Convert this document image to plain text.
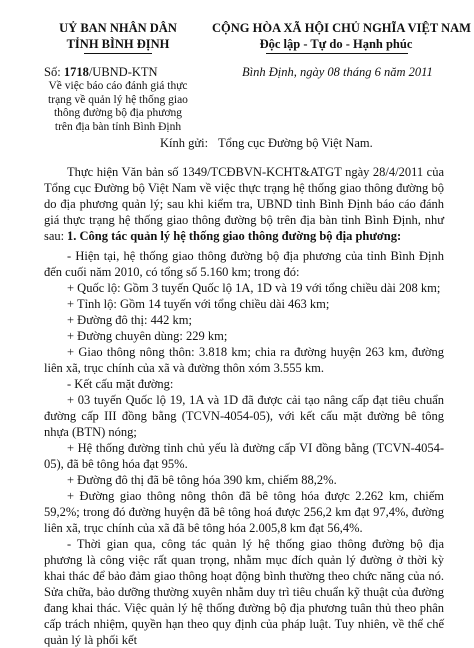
UỶ BAN NHÂN DÂN
TỈNH BÌNH ĐỊNH
CỘNG HÒA XÃ HỘI CHỦ NGHĨA VIỆT NAM
Độc lập - Tự do - Hạnh phúc
Số: 1718/UBND-KTN	Bình Định, ngày 08 tháng 6 năm 2011
Về việc báo cáo đánh giá thực
trạng về quản lý hệ thống giao
thông đường bộ địa phương
trên địa bàn tỉnh Bình Định
Kính gửi: Tổng cục Đường bộ Việt Nam.

Thực hiện Văn bản số 1349/TCĐBVN-KCHT&ATGT ngày 28/4/2011 của Tổng cục Đường bộ Việt Nam về việc thực trạng hệ thống giao thông đường bộ do địa phương quản lý; sau khi kiểm tra, UBND tỉnh Bình Định báo cáo đánh giá thực trạng hệ thống giao thông đường bộ trên địa bàn tỉnh Bình Định, như sau: 1. Công tác quản lý hệ thống giao thông đường bộ địa phương:

- Hiện tại, hệ thống giao thông đường bộ địa phương của tỉnh Bình Định đến cuối năm 2010, có tổng số 5.160 km; trong đó:

+ Quốc lộ: Gồm 3 tuyến Quốc lộ 1A, 1D và 19 với tổng chiều dài 208 km;

+ Tỉnh lộ: Gồm 14 tuyến với tổng chiều dài 463 km;

+ Đường đô thị: 442 km;

+ Đường chuyên dùng: 229 km;

+ Giao thông nông thôn: 3.818 km; chia ra đường huyện 263 km, đường liên xã, trục chính của xã và đường thôn xóm 3.555 km.

- Kết cấu mặt đường:

+ 03 tuyến Quốc lộ 19, 1A và 1D đã được cải tạo nâng cấp đạt tiêu chuẩn đường cấp III đồng bằng (TCVN-4054-05), với kết cấu mặt đường bê tông nhựa (BTN) nóng;

+ Hệ thống đường tỉnh chủ yếu là đường cấp VI đồng bằng (TCVN-4054-05), đã bê tông hóa đạt 95%.

+ Đường đô thị đã bê tông hóa 390 km, chiếm 88,2%.

+ Đường giao thông nông thôn đã bê tông hóa được 2.262 km, chiếm 59,2%; trong đó đường huyện đã bê tông hoá được 256,2 km đạt 97,4%, đường liên xã, trục chính của xã đã bê tông hóa 2.005,8 km đạt 56,4%.

- Thời gian qua, công tác quản lý hệ thống giao thông đường bộ địa phương là công việc rất quan trọng, nhằm mục đích quản lý đường ở thời kỳ khai thác để bảo đảm giao thông hoạt động bình thường theo chức năng của nó. Sửa chữa, bảo dưỡng thường xuyên nhằm duy trì tiêu chuẩn kỹ thuật của đường đang khai thác. Việc quản lý hệ thống đường bộ địa phương tuân thủ theo phân cấp trách nhiệm, quyền hạn theo quy định của pháp luật. Tuy nhiên, về thể chế quản lý là phối kết
